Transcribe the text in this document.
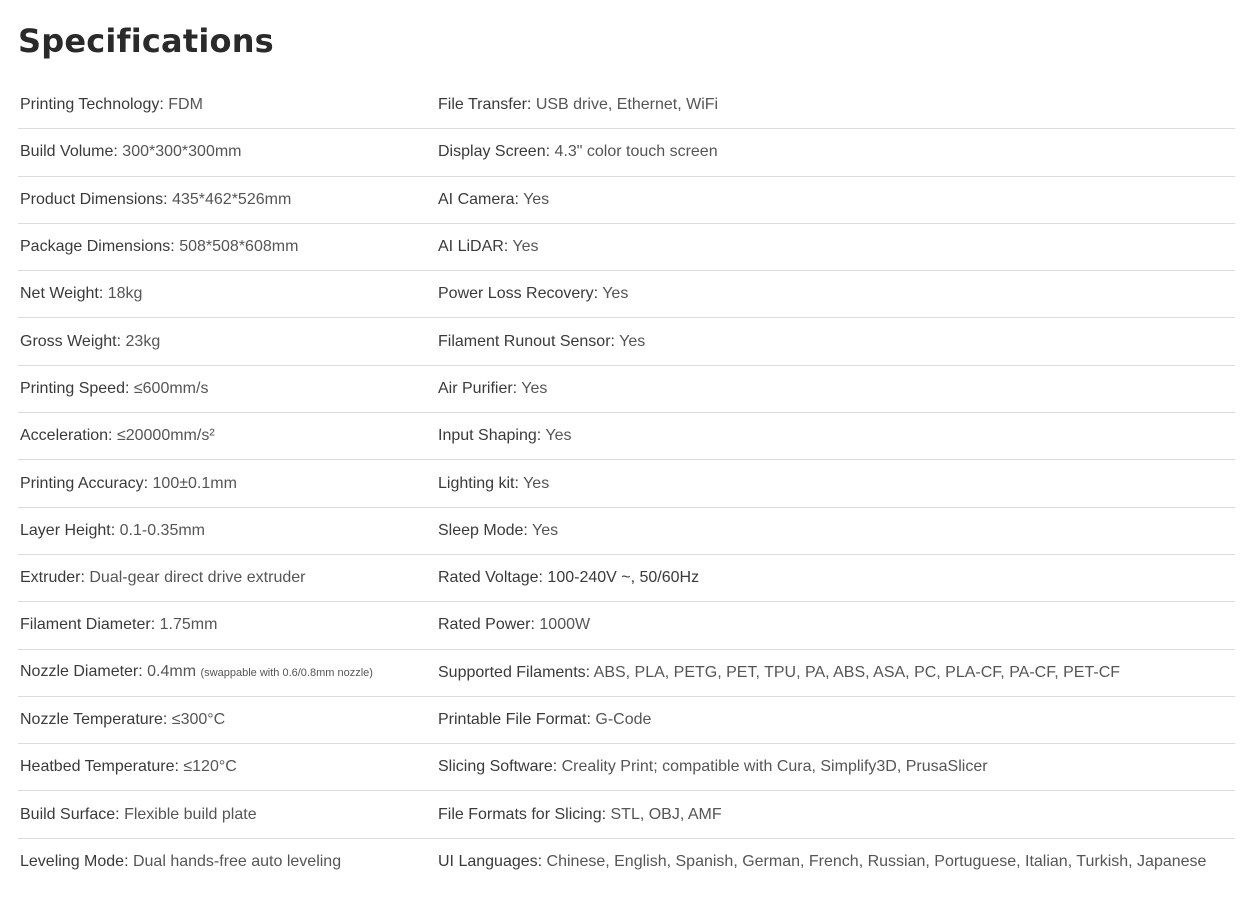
Specifications
Printing Technology: FDM	File Transfer: USB drive, Ethernet, WiFi
Build Volume: 300*300*300mm	Display Screen: 4.3" color touch screen
Product Dimensions: 435*462*526mm	AI Camera: Yes
Package Dimensions: 508*508*608mm	AI LiDAR: Yes
Net Weight: 18kg	Power Loss Recovery: Yes
Gross Weight: 23kg	Filament Runout Sensor: Yes
Printing Speed: ≤600mm/s	Air Purifier: Yes
Acceleration: ≤20000mm/s²	Input Shaping: Yes
Printing Accuracy: 100±0.1mm	Lighting kit: Yes
Layer Height: 0.1-0.35mm	Sleep Mode: Yes
Extruder: Dual-gear direct drive extruder	Rated Voltage: 100-240V ~, 50/60Hz
Filament Diameter: 1.75mm	Rated Power: 1000W
Nozzle Diameter: 0.4mm (swappable with 0.6/0.8mm nozzle)	Supported Filaments: ABS, PLA, PETG, PET, TPU, PA, ABS, ASA, PC, PLA-CF, PA-CF, PET-CF
Nozzle Temperature: ≤300°C	Printable File Format: G-Code
Heatbed Temperature: ≤120°C	Slicing Software: Creality Print; compatible with Cura, Simplify3D, PrusaSlicer
Build Surface: Flexible build plate	File Formats for Slicing: STL, OBJ, AMF
Leveling Mode: Dual hands-free auto leveling	UI Languages: Chinese, English, Spanish, German, French, Russian, Portuguese, Italian, Turkish, Japanese
